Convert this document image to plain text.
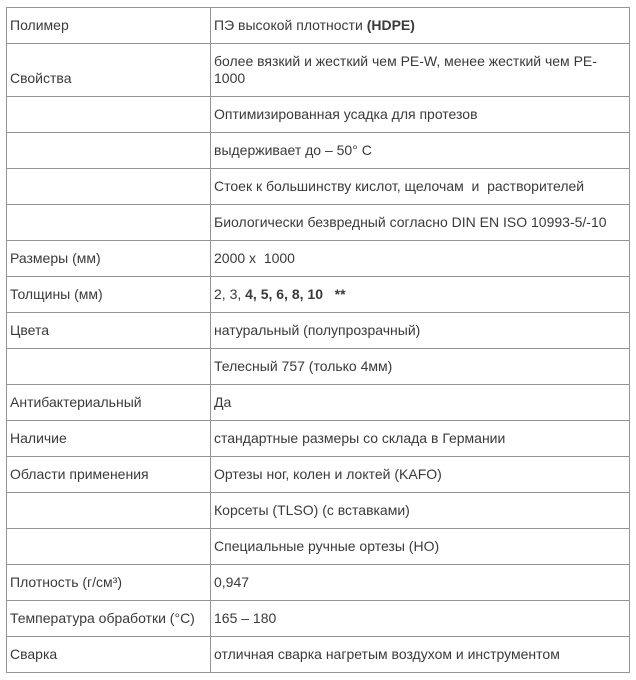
Полимер	ПЭ высокой плотности (HDPE)
Свойства	более вязкий и жесткий чем PE-W, менее жесткий чем PE-1000
	Оптимизированная усадка для протезов
	выдерживает до – 50° C
	Стоек к большинству кислот, щелочам  и  растворителей
	Биологически безвредный согласно DIN EN ISO 10993-5/-10
Размеры (мм)	2000 x  1000
Толщины (мм)	2, 3, 4, 5, 6, 8, 10 **
Цвета	натуральный (полупрозрачный)
	Телесный 757 (только 4мм)
Антибактериальный	Да
Наличие	стандартные размеры со склада в Германии
Области применения	Ортезы ног, колен и локтей (KAFO)
	Корсеты (TLSO) (с вставками)
	Специальные ручные ортезы (HO)
Плотность (г/см³)	0,947
Температура обработки (°C)	165 – 180
Сварка	отличная сварка нагретым воздухом и инструментом
